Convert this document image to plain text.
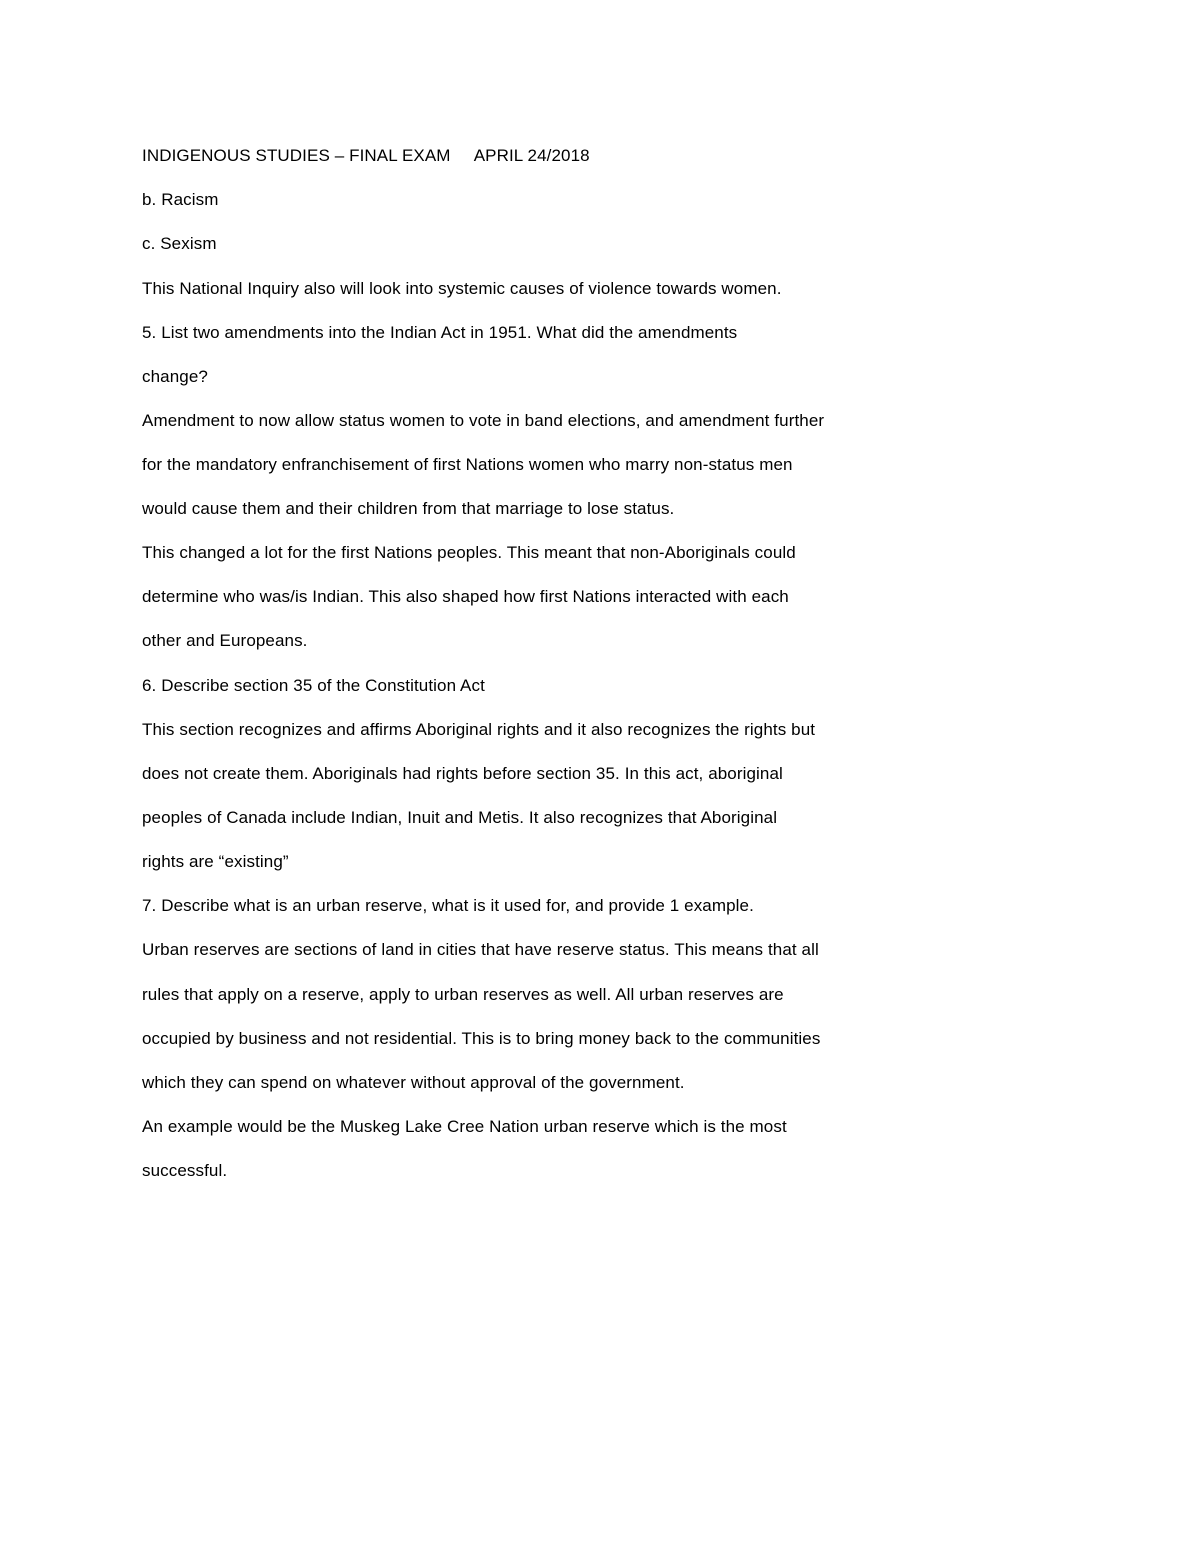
INDIGENOUS STUDIES – FINAL EXAM     APRIL 24/2018

b. Racism

c. Sexism

This National Inquiry also will look into systemic causes of violence towards women.

5. List two amendments into the Indian Act in 1951. What did the amendments

change?

Amendment to now allow status women to vote in band elections, and amendment further

for the mandatory enfranchisement of first Nations women who marry non-status men

would cause them and their children from that marriage to lose status.

This changed a lot for the first Nations peoples. This meant that non-Aboriginals could

determine who was/is Indian. This also shaped how first Nations interacted with each

other and Europeans.

6. Describe section 35 of the Constitution Act

This section recognizes and affirms Aboriginal rights and it also recognizes the rights but

does not create them. Aboriginals had rights before section 35. In this act, aboriginal

peoples of Canada include Indian, Inuit and Metis. It also recognizes that Aboriginal

rights are “existing”

7. Describe what is an urban reserve, what is it used for, and provide 1 example.

Urban reserves are sections of land in cities that have reserve status. This means that all

rules that apply on a reserve, apply to urban reserves as well. All urban reserves are

occupied by business and not residential. This is to bring money back to the communities

which they can spend on whatever without approval of the government.

An example would be the Muskeg Lake Cree Nation urban reserve which is the most

successful.
